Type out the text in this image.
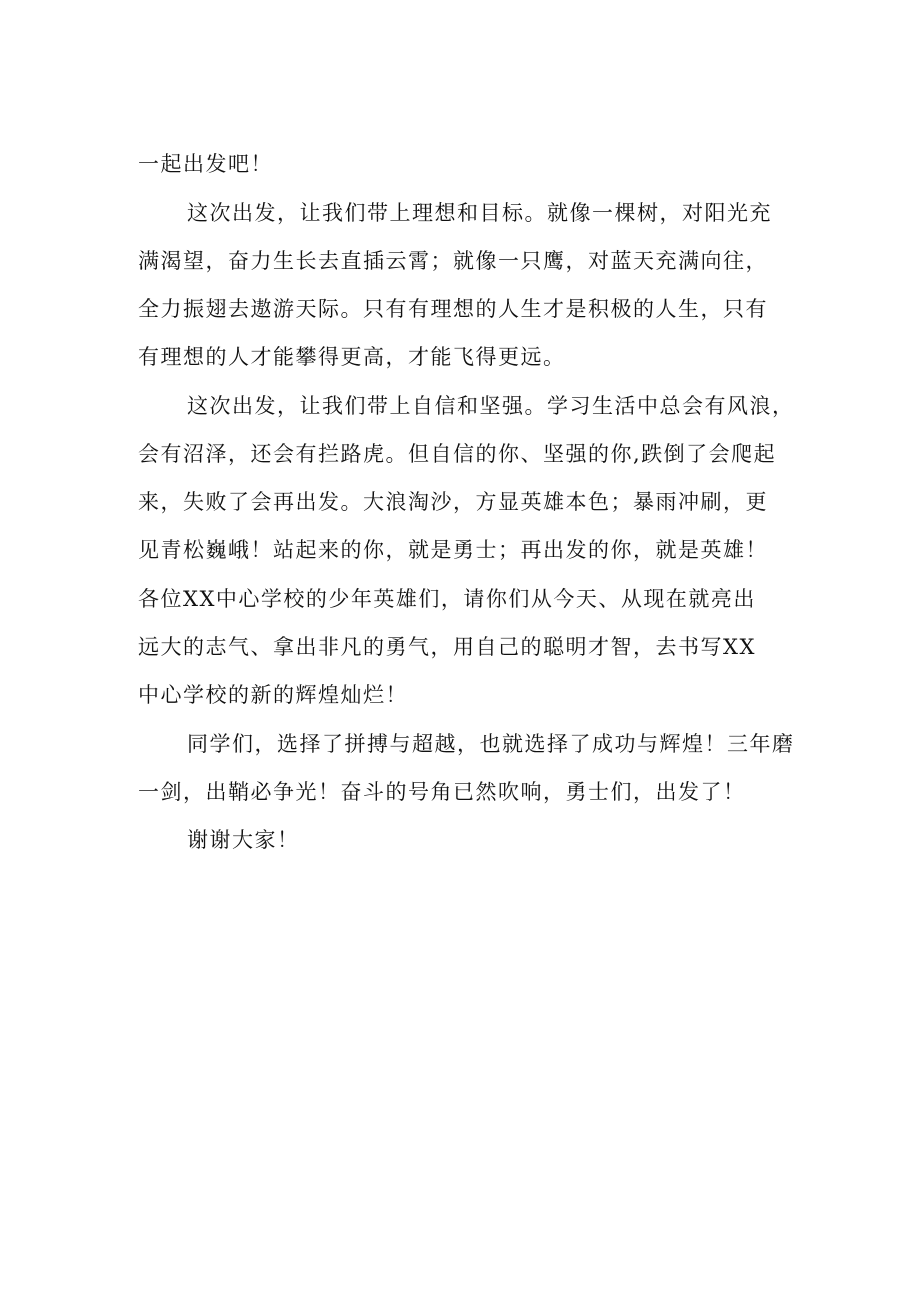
一起出发吧！
这次出发，让我们带上理想和目标。就像一棵树，对阳光充
满渴望，奋力生长去直插云霄；就像一只鹰，对蓝天充满向往，
全力振翅去遨游天际。只有有理想的人生才是积极的人生，只有
有理想的人才能攀得更高，才能飞得更远。
这次出发，让我们带上自信和坚强。学习生活中总会有风浪，
会有沼泽，还会有拦路虎。但自信的你、坚强的你,跌倒了会爬起
来，失败了会再出发。大浪淘沙，方显英雄本色；暴雨冲刷，更
见青松巍峨！站起来的你，就是勇士；再出发的你，就是英雄！
各位XX中心学校的少年英雄们，请你们从今天、从现在就亮出
远大的志气、拿出非凡的勇气，用自己的聪明才智，去书写XX
中心学校的新的辉煌灿烂！
同学们，选择了拼搏与超越，也就选择了成功与辉煌！三年磨
一剑，出鞘必争光！奋斗的号角已然吹响，勇士们，出发了！
谢谢大家！
